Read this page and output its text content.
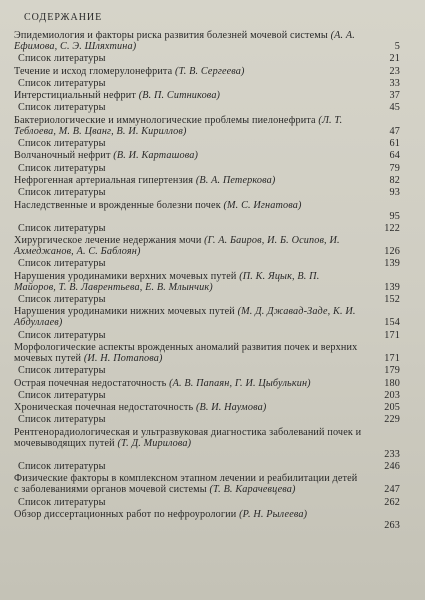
СОДЕРЖАНИЕ
Эпидемиология и факторы риска развития болезней мочевой системы (А. А. Ефимова, С. Э. Шляхтина)	5
Список литературы	21
Течение и исход гломерулонефрита (Т. В. Сергеева)	23
Список литературы	33
Интерстициальный нефрит (В. П. Ситникова)	37
Список литературы	45
Бактериологические и иммунологические проблемы пиелонефрита (Л. Т. Теблоева, М. В. Цванг, В. И. Кириллов)	47
Список литературы	61
Волчаночный нефрит (В. И. Карташова)	64
Список литературы	79
Нефрогенная артериальная гипертензия (В. А. Петеркова)	82
Список литературы	93
Наследственные и врожденные болезни почек (М. С. Игнатова)
95
Список литературы	122
Хирургическое лечение недержания мочи (Г. А. Баиров, И. Б. Осипов, И. Ахмеджанов, А. С. Баблоян)	126
Список литературы	139
Нарушения уродинамики верхних мочевых путей (П. К. Яцык, В. П. Майоров, Т. В. Лаврентьева, Е. В. Млынчик)	139
Список литературы	152
Нарушения уродинамики нижних мочевых путей (М. Д. Джавад-Заде, К. И. Абдуллаев)	154
Список литературы	171
Морфологические аспекты врожденных аномалий развития почек и верхних мочевых путей (И. Н. Потапова)	171
Список литературы	179
Острая почечная недостаточность (А. В. Папаян, Г. И. Цыбулькин)	180
Список литературы	203
Хроническая почечная недостаточность (В. И. Наумова)	205
Список литературы	229
Рентгенорадиологическая и ультразвуковая диагностика заболеваний почек и мочевыводящих путей (Т. Д. Мирилова)
233
Список литературы	246
Физические факторы в комплексном этапном лечении и реабилитации детей с заболеваниями органов мочевой системы (Т. В. Карачевцева)	247
Список литературы	262
Обзор диссертационных работ по нефроурологии (Р. Н. Рылеева)
263
